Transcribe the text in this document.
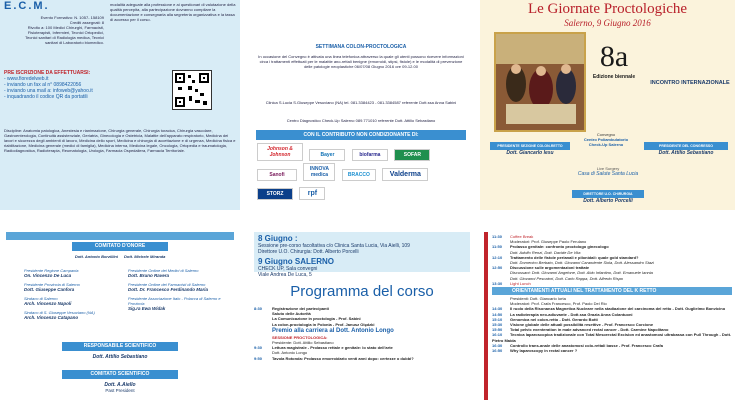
E.C.M.
Evento Formativo: N. 1057- 158109
Crediti assegnati: 8
Rivolto a: 100 Medici Chirurghi, Farmacisti,
Fisioterapisti, Infermieri, Tecnici Ortopedici,
Tecnici sanitari di Radiologia medica, Tecnici
sanitari di Laboratorio biomedico.
modalità adeguate alla professione e ai questionari di valutazione della qualità percepita, alla partecipazione dovranno compilare la documentazione e consegnarla alla segreteria organizzativa e la tassa di accesso per il corso.
PRE ISCRIZIONE DA EFFETTUARSI:
- www.fioredelweb.it
- inviando un fax al n° 0898422056
- inviando una mail a: infoweb@yahoo.it
- inquadrando il codice QR da portatili
Discipline: Anatomia patologica, Anestesia e rianimazione, Chirurgia generale, Chirurgia toracica, Chirurgia vascolare, Gastroenterologia, Continuità assistenziale, Geriatria, Ginecologia e Ostetricia, Malattie dell'apparato respiratorio, Medicina dei lavori e sicurezza degli ambienti di lavoro, Medicina dello sport, Medicina e chirurgia di accettazione e di urgenza, Medicina fisica e riabilitazione, Medicina generale (medici di famiglia), Medicina interna, Medicina legale, Oncologia, Ortopedia e traumatologia, Radiodiagnostica, Radioterapia, Reumatologia, Urologia, Farmacia Ospedaliera, Farmacia Territoriale.
SETTIMANA COLON-PROCTOLOGICA
In occasione del Convegno è attivata una linea telefonica attraverso la quale gli utenti possono ricevere informazioni circa i trattamenti effettuati per le malattie ano-rettali benigne (emorroidi, stipsi, fistole) e le modalità di prevenzione delle patologie neoplastiche 06/07/08 Giugno 2016 ore 09-12.00
Clinica S.Lucia S.Giuseppe Vesuviano (NA) tel. 081.3384423 - 081.3384587 referente Dott.ssa Anna Sabini
Centro Diagnostico Check-Up Salerno 089.771010 referente Dott. Attilio Sebastiano
CON IL CONTRIBUTO NON CONDIZIONANTE DI:
Johnson & Johnson	Bayer	biofarma	SOFAR Sanofi INNOVA medica	BRACCO	Valderma STORZ	rpf
Le Giornate Proctologiche
Salerno, 9 Giugno 2016
8a
Edizione biennale
INCONTRO INTERNAZIONALE
PRESIDENTE SEZIONE COLON-RETTO
Dott. Giancarlo Iesu
Convegno
Centro Poliambulatorio Check-Up Salerno	PRESIDENTE DEL CONGRESSO
Dott. Attilio Sebastiano
Live Surgery
Casa di Salute Santa Lucia
DIRETTORE U.O. CHIRURGIA
Dott. Alberto Porcelli
COMITATO D'ONORE
Dott. Antonio Borzillini Dott. Michele Miranda
Presidente Regione Campania
On. Vincenzo De Luca
Presidente Provincia di Salerno
Dott. Giuseppe Canfora
Sindaco di Salerno
Arch. Vincenzo Napoli
Sindaco di S. Giuseppe Vesuviano (NA)
Arch. Vincenzo Catapano
Presidente Ordine dei Medici di Salerno
Dott. Bruno Ravera
Presidente Ordine dei Farmacisti di Salerno
Dott. Dr. Francesco Ferdinando Maria
Presidente Associazione Italo - Polacca di Salerno e Provincia
Sig.ra Ewa Widak
RESPONSABILE SCIENTIFICO
Dott. Attilio Sebastiano
COMITATO SCIENTIFICO
Dott. A.Aiello
Past President
8 Giugno :
Sessione pre-corso facoltativa c/o Clinica Santa Lucia, Via Aielli, 109
Direttore U.O. Chirurgia: Dott. Alberto Porcelli
9 Giugno SALERNO
CHECK UP, Sala convegni
Viale Andrea De Luca, 5
Programma del corso
8:30 Registrazione dei partecipanti
Saluto delle Autorità
La Comunicazione in proctologia - Prof. Sabini
La colon-proctologia in Polonia - Prof. Janusz Olędzki
Premio alla carriera al Dott. Antonio Longo
SESSIONE PROCTOLOGICA:
Presidente: Dott. Attilio Sebastiano
9:30 Lettura magistrale - Prolasso rettale e genitale: lo stato dell'arte
Dott. Antonio Longo
9:50 Tavola Rotonda: Prolasso emorroidario venti anni dopo: certezze o dubbi?
11:30 Coffee Break
Moderatori: Prof. Giuseppe Paolo Ferulano
11:50 Prolasso genitale: confronto proctologo ginecologo
Dott. Adolfo Renzi, Dott. Davide De Vita
12:10 Trattamento delle fistole perianali e pilonidali: quale gold standard?
Dott. Domenico Berbato, Dott. Giovanni Carandente Siola, Dott. Alessandro Stazi
12:50 Discussione sulle argomentazioni trattate
Discussant: Dott. Giovanni Angelone, Dott. Aldo Infantino, Dott. Emanuele Iannia
Dott. Giovanni Pescatori, Dott. Carlo Rappa, Dott. Alfredo Rispo
13:30 Light Lunch
ORIENTAMENTI ATTUALI NEL TRATTAMENTO DEL K RETTO
Presidenti: Dott. Giancarlo Iorta
Moderatori: Prof. Crafa Francesco, Prof. Paolo Del Rio
14:30 Il ruolo della Risonanza Magnetica Nucleare nella stadiazione del carcinoma del retto - Dott. Guglielmo Bonvicino
14:50 La radioterapia neo-adiuvante - Dott.ssa Grazia Anna Colantuoni
15:10 Genomica nel colon-retto - Dott. Gerardo Botti
15:30 Visione globale delle attuali possibilità resettive - Prof. Francesco Corcione
15:50 Total pelvic exenteration in male advanced rectal cancer - Dott. Carmine Napolitano
16:10 Tecnica laparoscopica tradizionale con Total Mesorectal Excision ed anastomosi ultrabassa con Pull Through - Dott. Pietro Maida
16:30 Controllo trans-anale delle anastomosi colo-rettali basse - Prof. Francesco Crafa
16:50 Why laparoscopy in rectal cancer ?
